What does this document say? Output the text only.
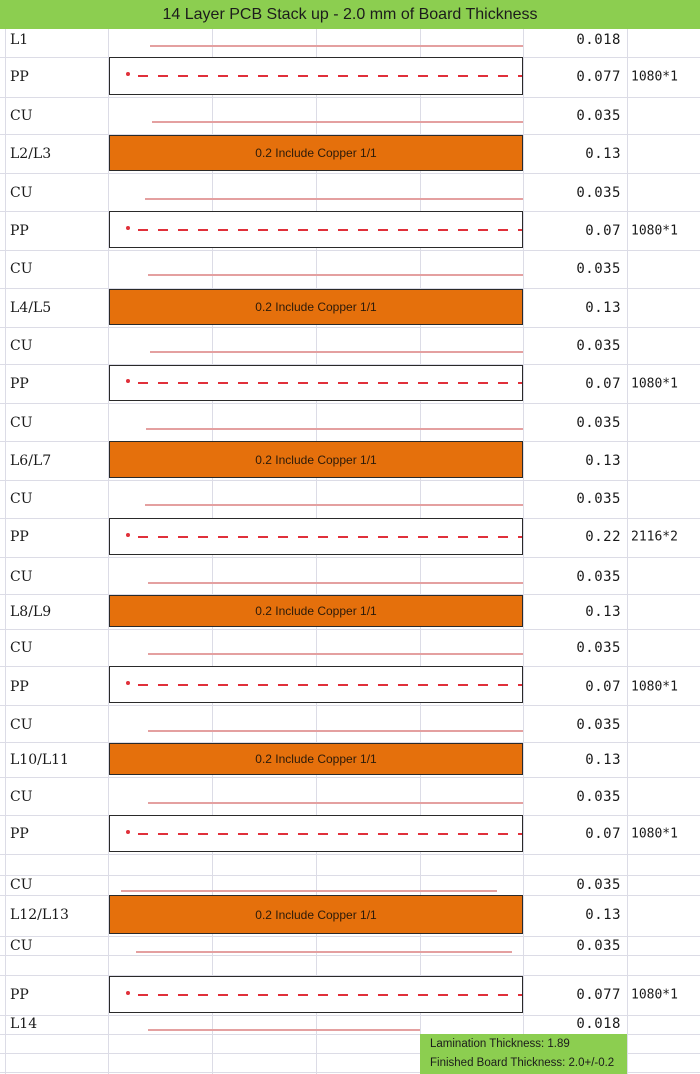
14 Layer PCB Stack up - 2.0 mm of Board Thickness
L1	0.018
PP	0.077 1080*1
CU	0.035
L2/L3	0.2 Include Copper 1/1	0.13
CU	0.035
PP	0.07 1080*1
CU	0.035
L4/L5	0.2 Include Copper 1/1	0.13
CU	0.035
PP	0.07 1080*1
CU	0.035
L6/L7	0.2 Include Copper 1/1	0.13
CU	0.035
PP	0.22 2116*2
CU	0.035
L8/L9	0.2 Include Copper 1/1	0.13
CU	0.035
PP	0.07 1080*1
CU	0.035
L10/L11	0.2 Include Copper 1/1	0.13
CU	0.035
PP	0.07 1080*1
CU	0.035
L12/L13	0.2 Include Copper 1/1	0.13
CU	0.035
PP	0.077 1080*1
L14	0.018
Lamination Thickness: 1.89
Finished Board Thickness: 2.0+/-0.2
